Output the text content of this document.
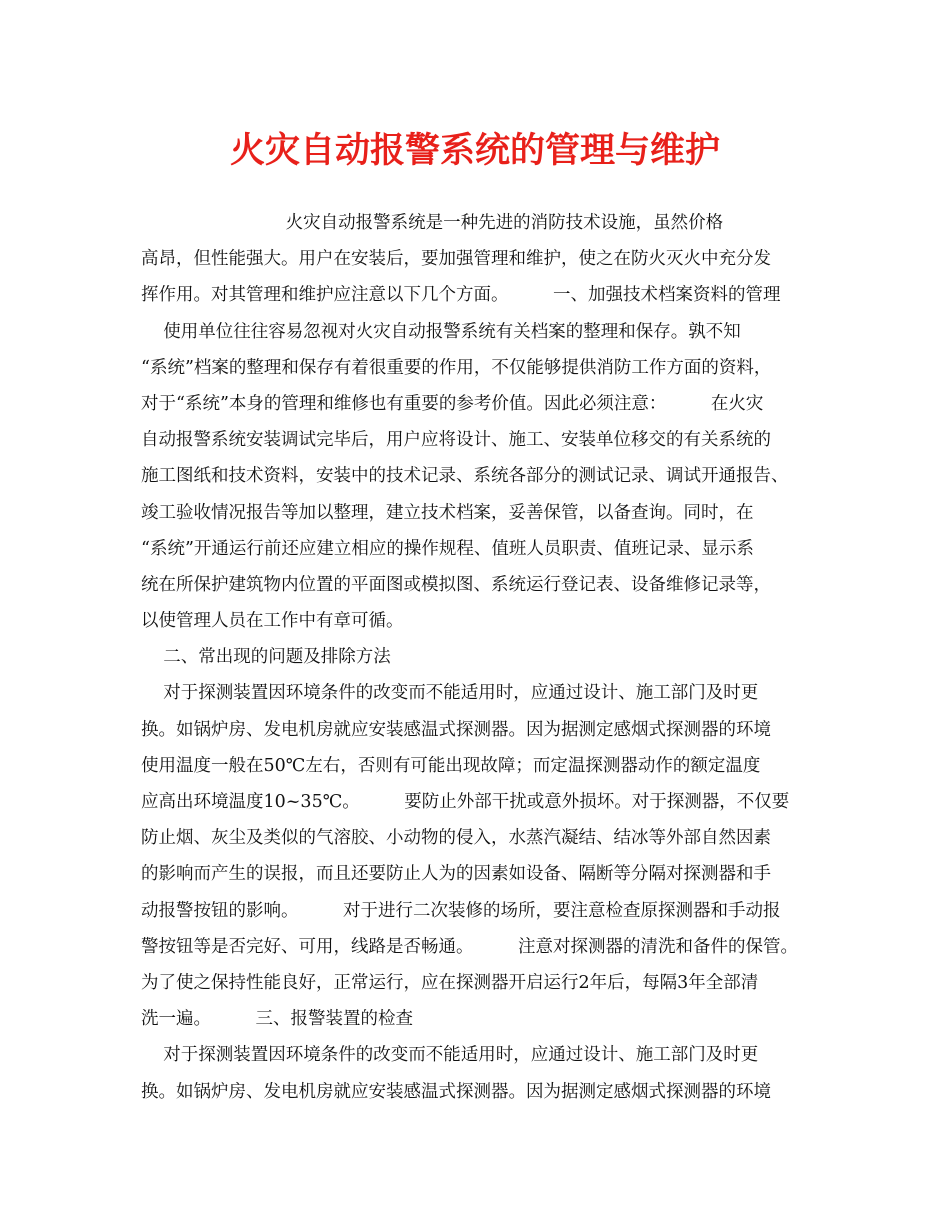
火灾自动报警系统的管理与维护
火灾自动报警系统是一种先进的消防技术设施，虽然价格
高昂，但性能强大。用户在安装后，要加强管理和维护，使之在防火灭火中充分发
挥作用。对其管理和维护应注意以下几个方面。        一、加强技术档案资料的管理
使用单位往往容易忽视对火灾自动报警系统有关档案的整理和保存。孰不知
“系统”档案的整理和保存有着很重要的作用，不仅能够提供消防工作方面的资料，
对于“系统”本身的管理和维修也有重要的参考价值。因此必须注意：        在火灾
自动报警系统安装调试完毕后，用户应将设计、施工、安装单位移交的有关系统的
施工图纸和技术资料，安装中的技术记录、系统各部分的测试记录、调试开通报告、
竣工验收情况报告等加以整理，建立技术档案，妥善保管，以备查询。同时，在
“系统”开通运行前还应建立相应的操作规程、值班人员职责、值班记录、显示系
统在所保护建筑物内位置的平面图或模拟图、系统运行登记表、设备维修记录等，
以使管理人员在工作中有章可循。
二、常出现的问题及排除方法
对于探测装置因环境条件的改变而不能适用时，应通过设计、施工部门及时更
换。如锅炉房、发电机房就应安装感温式探测器。因为据测定感烟式探测器的环境
使用温度一般在50℃左右，否则有可能出现故障；而定温探测器动作的额定温度
应高出环境温度10~35℃。        要防止外部干扰或意外损坏。对于探测器，不仅要
防止烟、灰尘及类似的气溶胶、小动物的侵入，水蒸汽凝结、结冰等外部自然因素
的影响而产生的误报，而且还要防止人为的因素如设备、隔断等分隔对探测器和手
动报警按钮的影响。        对于进行二次装修的场所，要注意检查原探测器和手动报
警按钮等是否完好、可用，线路是否畅通。        注意对探测器的清洗和备件的保管。
为了使之保持性能良好，正常运行，应在探测器开启运行2年后，每隔3年全部清
洗一遍。        三、报警装置的检查
对于探测装置因环境条件的改变而不能适用时，应通过设计、施工部门及时更
换。如锅炉房、发电机房就应安装感温式探测器。因为据测定感烟式探测器的环境
